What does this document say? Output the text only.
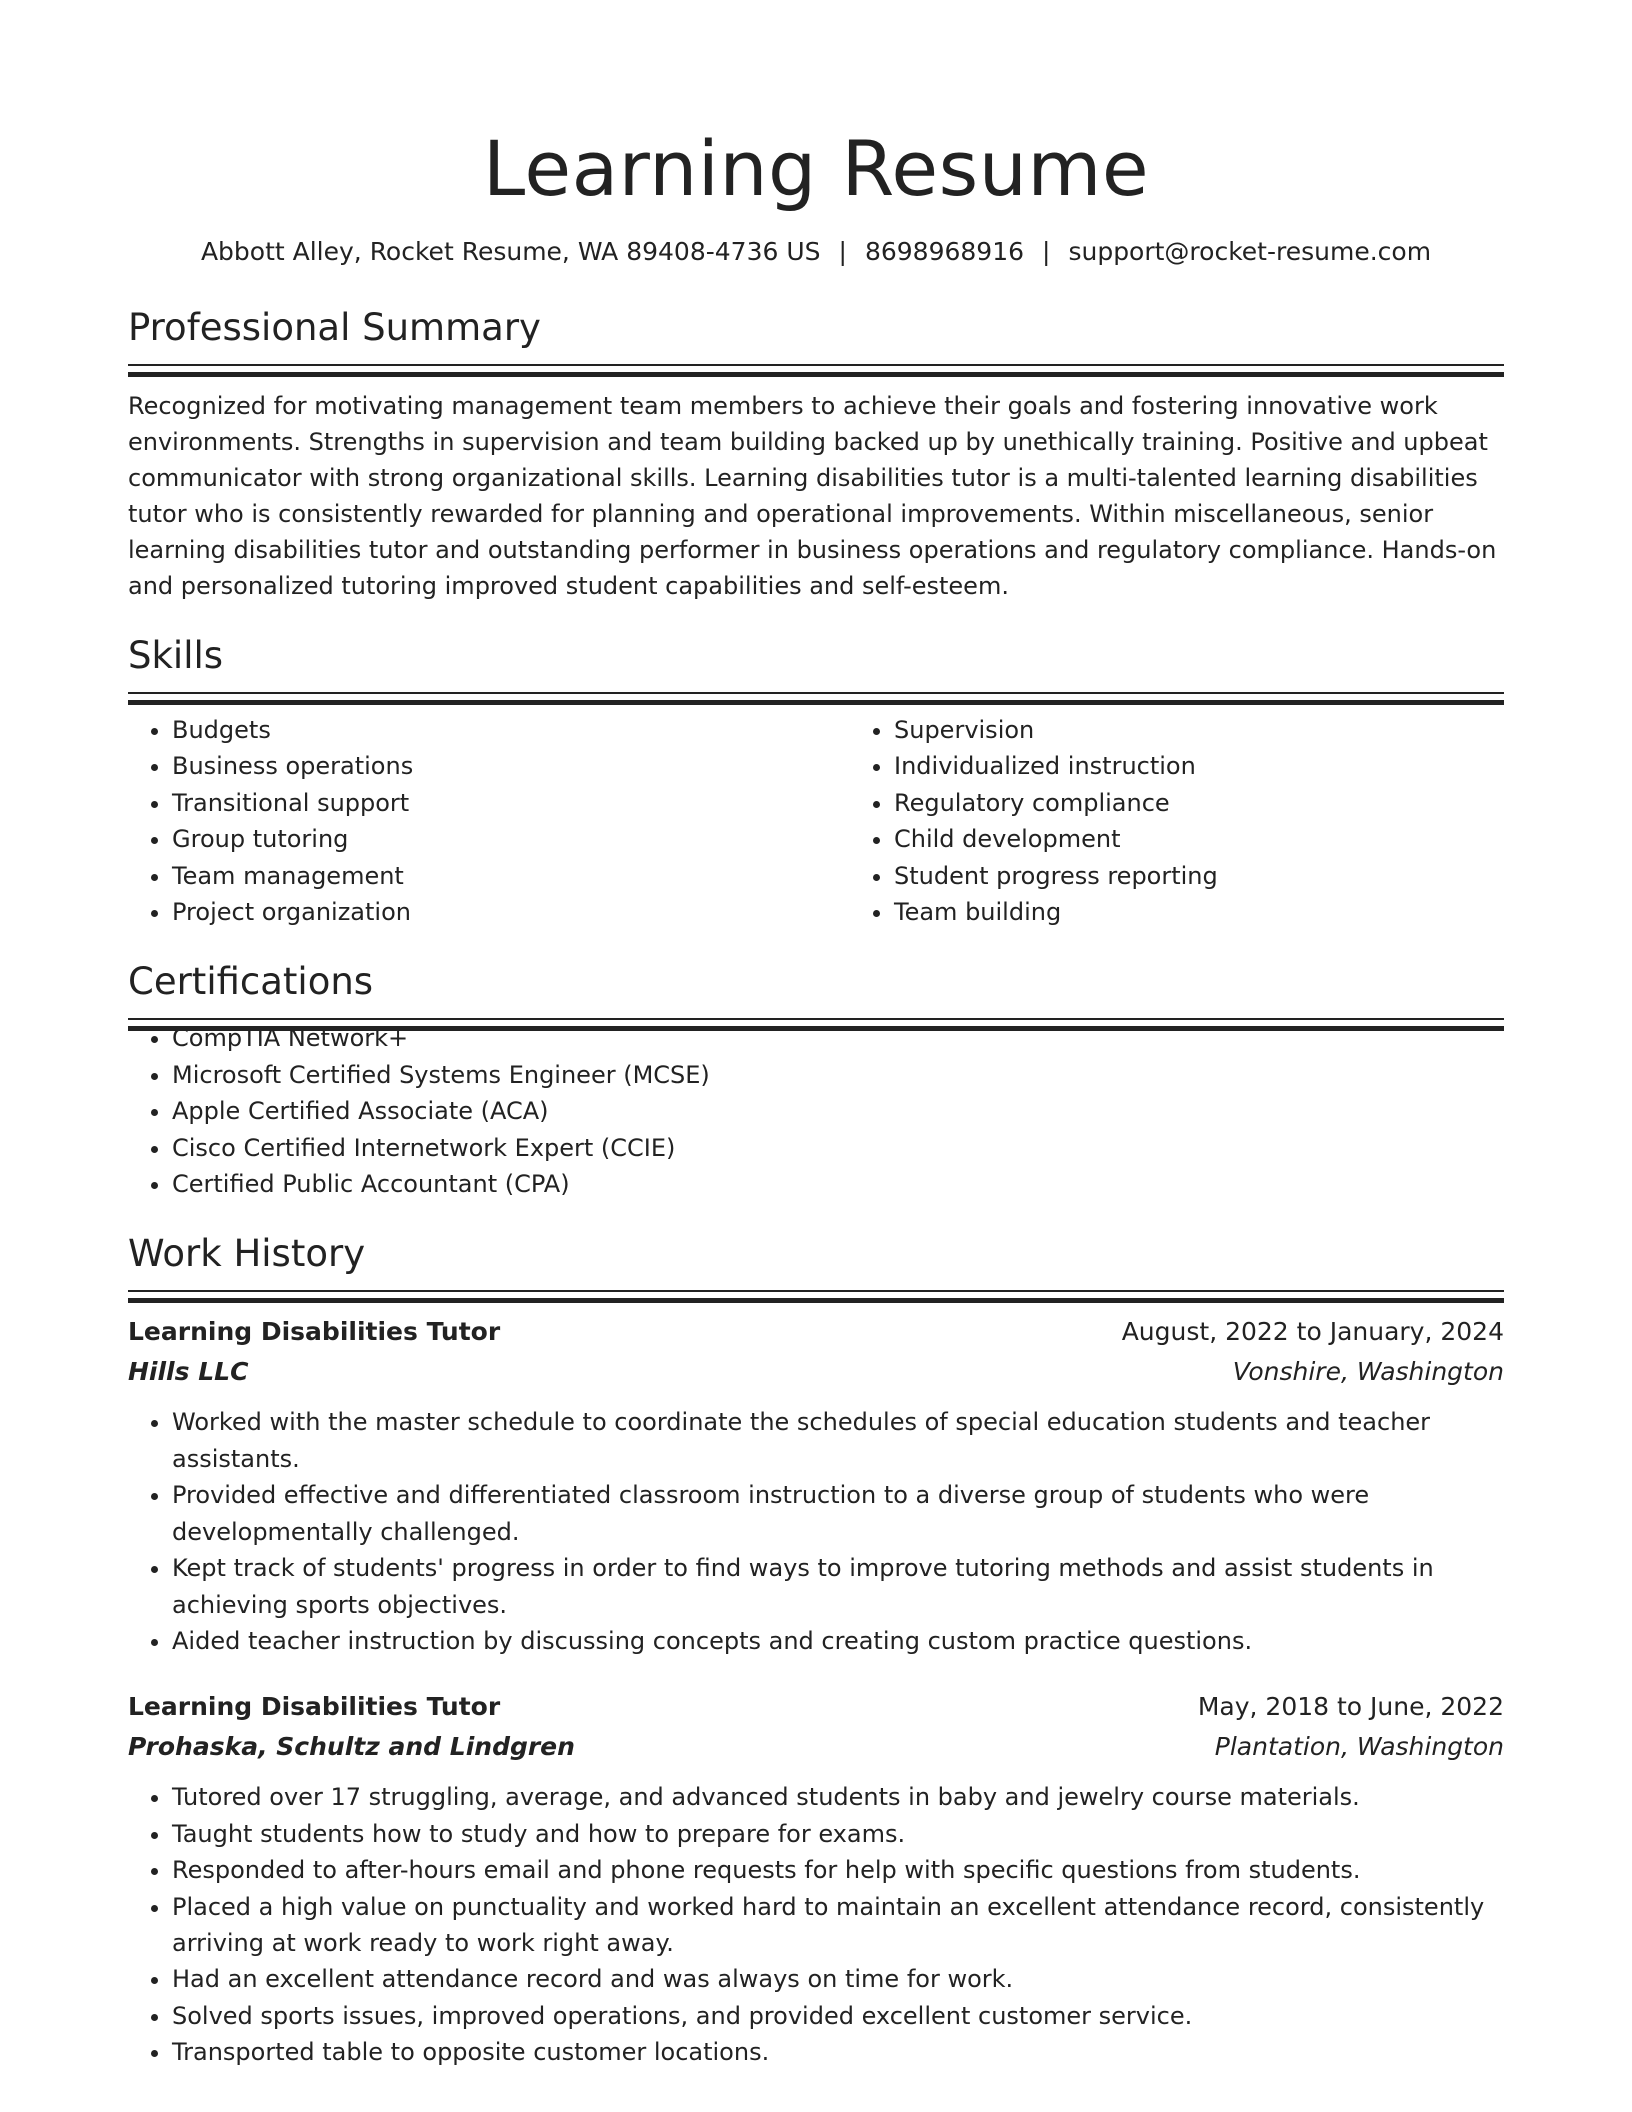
Learning Resume
Abbott Alley, Rocket Resume, WA 89408-4736 US | 8698968916 | support@rocket-resume.com
Professional Summary
Recognized for motivating management team members to achieve their goals and fostering innovative work environments. Strengths in supervision and team building backed up by unethically training. Positive and upbeat communicator with strong organizational skills. Learning disabilities tutor is a multi-talented learning disabilities tutor who is consistently rewarded for planning and operational improvements. Within miscellaneous, senior learning disabilities tutor and outstanding performer in business operations and regulatory compliance. Hands-on and personalized tutoring improved student capabilities and self-esteem.
Skills
• Budgets
• Business operations
• Transitional support
• Group tutoring
• Team management
• Project organization
• Supervision
• Individualized instruction
• Regulatory compliance
• Child development
• Student progress reporting
• Team building
Certifications
• CompTIA Network+
• Microsoft Certified Systems Engineer (MCSE)
• Apple Certified Associate (ACA)
• Cisco Certified Internetwork Expert (CCIE)
• Certified Public Accountant (CPA)
Work History
Learning Disabilities Tutor	August, 2022 to January, 2024
Hills LLC	Vonshire, Washington
• Worked with the master schedule to coordinate the schedules of special education students and teacher assistants.
• Provided effective and differentiated classroom instruction to a diverse group of students who were developmentally challenged.
• Kept track of students' progress in order to find ways to improve tutoring methods and assist students in achieving sports objectives.
• Aided teacher instruction by discussing concepts and creating custom practice questions.
Learning Disabilities Tutor	May, 2018 to June, 2022
Prohaska, Schultz and Lindgren	Plantation, Washington
• Tutored over 17 struggling, average, and advanced students in baby and jewelry course materials.
• Taught students how to study and how to prepare for exams.
• Responded to after-hours email and phone requests for help with specific questions from students.
• Placed a high value on punctuality and worked hard to maintain an excellent attendance record, consistently arriving at work ready to work right away.
• Had an excellent attendance record and was always on time for work.
• Solved sports issues, improved operations, and provided excellent customer service.
• Transported table to opposite customer locations.
